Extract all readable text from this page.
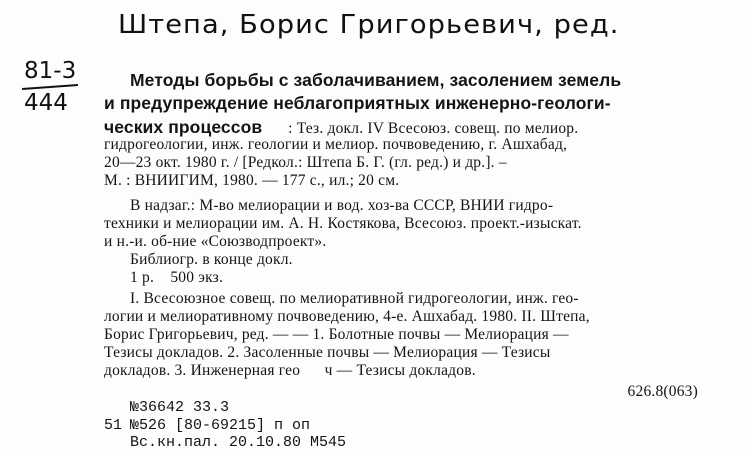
Штепа, Борис Григорьевич, ред.
81-3
444
Методы борьбы с заболачиванием, засолением земель
и предупреждение неблагоприятных инженерно-геологи-
ческих процессов : Тез. докл. IV Всесоюз. совещ. по мелиор.
гидрогеологии, инж. геологии и мелиор. почвоведению, г. Ашхабад,
20—23 окт. 1980 г. / [Редкол.: Штепа Б. Г. (гл. ред.) и др.]. –
М. : ВНИИГИМ, 1980. — 177 с., ил.; 20 см.
В надзаг.: М-во мелиорации и вод. хоз-ва СССР, ВНИИ гидро-
техники и мелиорации им. А. Н. Костякова, Всесоюз. проект.-изыскат.
и н.-и. об-ние «Союзводпроект».
Библиогр. в конце докл.
1 р.    500 экз.
I. Всесоюзное совещ. по мелиоративной гидрогеологии, инж. гео-
логии и мелиоративному почвоведению, 4-е. Ашхабад. 1980. II. Штепа,
Борис Григорьевич, ред. — — 1. Болотные почвы — Мелиорация —
Тезисы докладов. 2. Засоленные почвы — Мелиорация — Тезисы
докладов. 3. Инженерная гео      ч — Тезисы докладов.
626.8(063)
№36642 33.3
51 №526 [80-69215] п оп
Вс.кн.пал. 20.10.80 М545
